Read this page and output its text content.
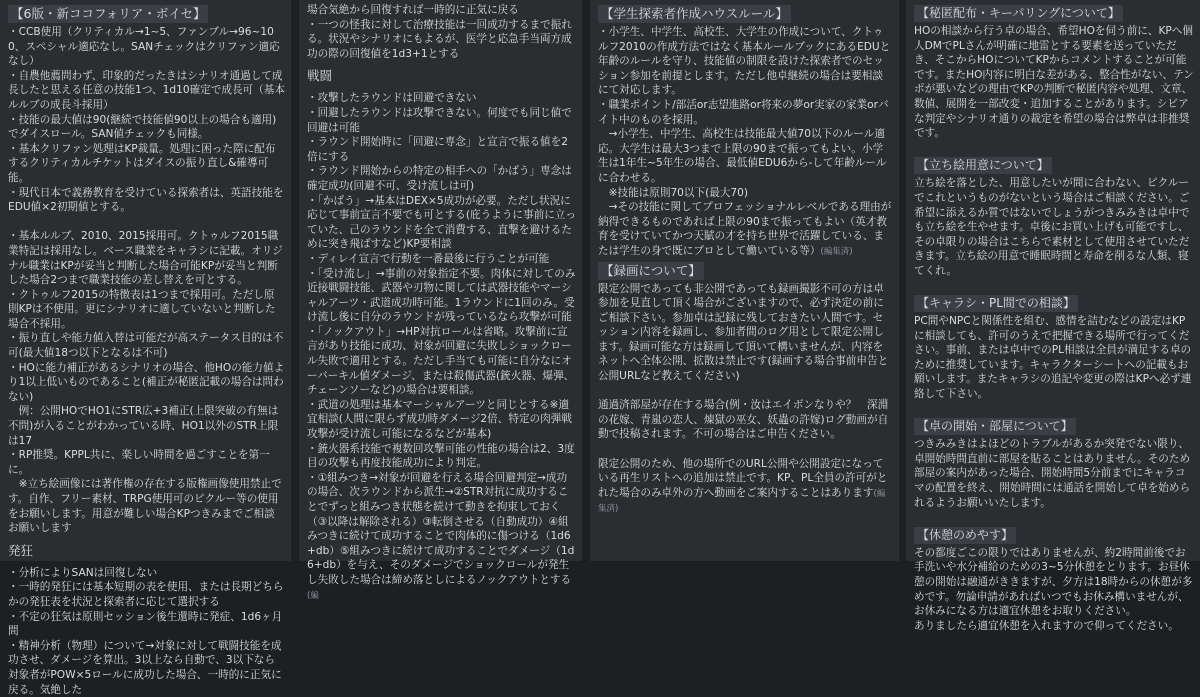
【6版・新ココフォリア・ボイセ】

・CCB使用（クリティカル→1~5、ファンブル→96~100、スペシャル適応なし。SANチェックはクリファン適応なし）

・自農他薦問わず、印象的だったきはシナリオ通過して成長したと思える任意の技能1つ、1d10確定で成長可（基本ルルブの成長斗採用）

・技能の最大値は90(継続で技能値90以上の場合も適用)でダイスロール。SAN値チェックも同様。

・基本クリファン処理はKP裁量。処理に困った際に配布するクリティカルチケットはダイスの振り直し&確導可能。

・現代日本で義務教育を受けている探索者は、英語技能をEDU値×2初期値とする。

・基本ルルブ、2010、2015採用可。クトゥルフ2015職業特記は採用なし。ベース職業をキャラシに記載。オリジナル職業はKPが妥当と判断した場合可能KPが妥当と判断した場合2つまで職業技能の差し替えを可とする。

・クトゥルフ2015の特徴表は1つまで採用可。ただし原則KPは不使用。更にシナリオに適していないと判断した場合不採用。

・振り直しや能力値入替は可能だが高ステータス目的は不可(最大値18つ以下となるは不可)

・HOに能力補正があるシナリオの場合、他HOの能力値より1以上低いものであること(補正が秘匿記載の場合は問わない)

　例：公開HOでHO1にSTR広+3補正(上限突破の有無は不問)が入ることがわかっている時、HO1以外のSTR上限は17

・RP推奨。KPPL共に、楽しい時間を過ごすことを第一に。

　※立ち絵画像には著作権の存在する版権画像使用禁止です。自作、フリー素材、TRPG使用可のピクルー等の使用をお願いします。用意が難しい場合KPつきみまでご相談お願いします

発狂

・分析によりSANは回復しない

・一時的発狂には基本短期の表を使用、または長期どちらかの発狂表を状況と探索者に応じて選択する

・不定の狂気は原則セッション後生還時に発症、1d6ヶ月間

・精神分析（物理）について→対象に対して戦闘技能を成功させ、ダメージを算出。3以上なら自動で、3以下なら対象者がPOW×5ロールに成功した場合、一時的に正気に戻る。気絶した

場合気絶から回復すれば一時的に正気に戻る

・一つの怪我に対して治療技能は一回成功するまで振れる。状況やシナリオにもよるが、医学と応急手当両方成功の際の回復値を1d3+1とする

戦闘

・攻撃したラウンドは回避できない

・回避したラウンドは攻撃できない。何度でも同じ値で回避は可能

・ラウンド開始時に「回避に専念」と宣言で振る値を2倍にする

・ラウンド開始からの特定の相手への「かばう」専念は確定成功(回避不可、受け流しは可)

・「かばう」→基本はDEX×5成功が必要。ただし状況に応じて事前宣言不要でも可とする(庇うように事前に立っていた、己のラウンドを全て消費する、直撃を避けるために突き飛ばすなど)KP要相談

・ディレイ宣言で行動を一番最後に行うことが可能

・「受け流し」→事前の対象指定不要。肉体に対してのみ近接戦闘技能、武器や刃物に関しては武器技能やマーシャルアーツ・武道成功時可能。1ラウンドに1回のみ。受け流し後に自分のラウンドが残っているなら攻撃が可能

・「ノックアウト」→HP対抗ロールは省略。攻撃前に宣言があり技能に成功、対象が回避に失敗しショックロール失敗で適用とする。ただし手当ても可能に自分なにオーバーキル値ダメージ、または殺傷武器(銃火器、爆弾、チェーンソーなど)の場合は要相談。

・武道の処理は基本マーシャルアーツと同じとする※適宜相談(人間に限らず成功時ダメージ2倍、特定の肉弾戦攻撃が受け流し可能になるなどが基本)

・銃火器系技能で複数回攻撃可能の性能の場合は2、3度目の攻撃も再度技能成功により判定。

・①組みつき→対象が回避を行える場合回避判定→成功の場合、次ラウンドから派生→②STR対抗に成功することでずっと組みつき状態を続けて動きを拘束しておく（③以降は解除される）③転倒させる（自動成功）④組みつきに続けて成功することで肉体的に傷つける（1d6+db）⑤組みつきに続けて成功することでダメージ（1d6+db）を与え、そのダメージでショックロールが発生し失敗した場合は締め落としによるノックアウトとする(編

【学生探索者作成ハウスルール】

・小学生、中学生、高校生、大学生の作成について、クトゥルフ2010の作成方法ではなく基本ルールブックにあるEDUと年齢のルールを守り、技能値の制限を設けた探索者でのセッション参加を前提とします。ただし他卓継続の場合は要相談にて対応します。

・職業ポイント/部活or志望進路or将来の夢or実家の家業orバイト中のものを採用。

　→小学生、中学生、高校生は技能最大値70以下のルール適応。大学生は最大3つまで上限の90まで振ってもよい。小学生は1年生~5年生の場合、最低値EDU6から-して年齢ルールに合わせる。

　※技能は原則70以下(最大70)

　→その技能に関してプロフェッショナルレベルである理由が納得できるものであれば上限の90まで振ってもよい（英才教育を受けていてかつ天賦の才を持ち世界で活躍している、または学生の身で既にプロとして働いている等）(編集済)

【録画について】

限定公開であっても非公開であっても録画撮影不可の方は卓参加を見直して頂く場合がございますので、必ず決定の前にご相談下さい。参加卓は記録に残しておきたい人間です。セッション内容を録画し、参加者間のログ用として限定公開します。録画可能な方は録画して頂いて構いませんが、内容をネットへ全体公開、拡散は禁止です(録画する場合事前申告と公開URLなど教えてください)

通過済部屋が存在する場合(例・汝はエイボンなりや？　深淵の花嫁、青嵐の恋人、煉獄の巫女、妖蟲の許嫁)ログ動画が自動で投稿されます。不可の場合はご申告ください。

限定公開のため、他の場所でのURL公開や公開設定になっている再生リストへの追加は禁止です。KP、PL全員の許可がとれた場合のみ卓外の方へ動画をご案内することはあります(編集済)

【秘匿配布・キーパリングについて】

HOの相談から行う卓の場合、希望HOを伺う前に、KPへ個人DMでPLさんが明確に地雷とする要素を送っていただき、そこからHOについてKPからコメントすることが可能です。またHO内容に明白な差がある、整合性がない、テンポが悪いなどの理由でKPの判断で秘匿内容や処理、文章、数値、展開を一部改変・追加することがあります。シビアな判定やシナリオ通りの裁定を希望の場合は弊卓は非推奨です。

【立ち絵用意について】

立ち絵を落とした、用意したいが間に合わない、ピクルーでこれというものがないという場合はご相談ください。ご希望に添えるか質ではないでしょうがつきみみきは卓中でも立ち絵を生やせます。卓後にお買い上げも可能ですし、その卓限りの場合はこちらで素材として使用させていただきます。立ち絵の用意で睡眠時間と寿命を削るな人類、寝てくれ。

【キャラシ・PL間での相談】

PC間やNPCと関係性を組む、感情を詰むなどの設定はKPに相談しても、許可のうえで把握できる場所で行ってください。事前、または卓中でのPL相談は全員が満足する卓のために推奨しています。キャラクターシートへの記載もお願いします。またキャラシの追記や変更の際はKPへ必ず連絡して下さい。

【卓の開始・部屋について】

つきみみきはよほどのトラブルがあるか突発でない限り、卓開始時間直前に部屋を貼ることはありません。そのため部屋の案内があった場合、開始時間5分前までにキャラコマの配置を終え、開始時間には通話を開始して卓を始められるようお願いいたします。

【休憩のめやす】

その都度ごこの限りではありませんが、約2時間前後でお手洗いや水分補給のための3~5分休憩をとります。お昼休憩の開始は融通がききますが、夕方は18時からの休憩が多めです。勿論申請があればいつでもお休み構いませんが、お休みになる方は適宜休憩をお取りください。

ありましたら適宜休憩を入れますので仰ってください。
